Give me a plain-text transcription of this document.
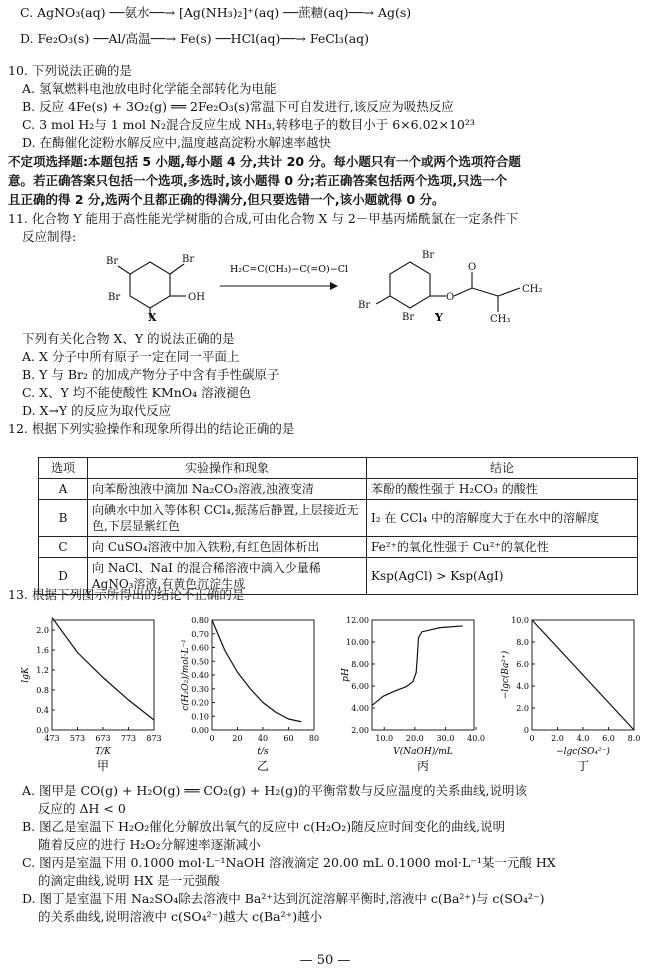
C. AgNO₃(aq) ──氨水──→ [Ag(NH₃)₂]⁺(aq) ──蔗糖(aq)──→ Ag(s)
D. Fe₂O₃(s) ──Al/高温──→ Fe(s) ──HCl(aq)──→ FeCl₃(aq)
10. 下列说法正确的是
A. 氢氧燃料电池放电时化学能全部转化为电能
B. 反应 4Fe(s) + 3O₂(g) ══ 2Fe₂O₃(s)常温下可自发进行,该反应为吸热反应
C. 3 mol H₂与 1 mol N₂混合反应生成 NH₃,转移电子的数目小于 6×6.02×10²³
D. 在酶催化淀粉水解反应中,温度越高淀粉水解速率越快
不定项选择题:本题包括 5 小题,每小题 4 分,共计 20 分。每小题只有一个或两个选项符合题
意。若正确答案只包括一个选项,多选时,该小题得 0 分;若正确答案包括两个选项,只选一个
且正确的得 2 分,选两个且都正确的得满分,但只要选错一个,该小题就得 0 分。
11. 化合物 Y 能用于高性能光学树脂的合成,可由化合物 X 与 2－甲基丙烯酰氯在一定条件下
反应制得:
Br
OH
Br
Br
H₂C=C(CH₃)−C(=O)−Cl
Br
O
O
CH₂
CH₃
Br
Br
X	Y
下列有关化合物 X、Y 的说法正确的是
A. X 分子中所有原子一定在同一平面上
B. Y 与 Br₂ 的加成产物分子中含有手性碳原子
C. X、Y 均不能使酸性 KMnO₄ 溶液褪色
D. X→Y 的反应为取代反应
12. 根据下列实验操作和现象所得出的结论正确的是
选项	实验操作和现象	结论
A	向苯酚浊液中滴加 Na₂CO₃溶液,浊液变清	苯酚的酸性强于 H₂CO₃ 的酸性
B	向碘水中加入等体积 CCl₄,振荡后静置,上层接近无色,下层显紫红色	I₂ 在 CCl₄ 中的溶解度大于在水中的溶解度
C	向 CuSO₄溶液中加入铁粉,有红色固体析出	Fe²⁺的氧化性强于 Cu²⁺的氧化性
D	向 NaCl、NaI 的混合稀溶液中滴入少量稀 AgNO₃溶液,有黄色沉淀生成	Ksp(AgCl) > Ksp(AgI)
13. 根据下列图示所得出的结论不正确的是
0.0
0.4
0.8
1.2
1.6
2.0
473 573 673 773 873
T/K
lgK
甲
0.00
0.10
0.20
0.30
0.40
0.50
0.60
0.70
0.80
0 20 40 60 80
t/s
c(H₂O₂)/mol·L⁻¹
乙
2.00
4.00
6.00
8.00
10.00
12.00
10.0 20.0 30.0 40.0
V(NaOH)/mL
pH
丙
0
2.0
4.0
6.0
8.0
10.0
0 2.0 4.0 6.0 8.0
−lgc(SO₄²⁻)
−lgc(Ba²⁺)
丁
A. 图甲是 CO(g) + H₂O(g) ══ CO₂(g) + H₂(g)的平衡常数与反应温度的关系曲线,说明该
反应的 ΔH < 0
B. 图乙是室温下 H₂O₂催化分解放出氧气的反应中 c(H₂O₂)随反应时间变化的曲线,说明
随着反应的进行 H₂O₂分解速率逐渐减小
C. 图丙是室温下用 0.1000 mol·L⁻¹NaOH 溶液滴定 20.00 mL 0.1000 mol·L⁻¹某一元酸 HX
的滴定曲线,说明 HX 是一元强酸
D. 图丁是室温下用 Na₂SO₄除去溶液中 Ba²⁺达到沉淀溶解平衡时,溶液中 c(Ba²⁺)与 c(SO₄²⁻)
的关系曲线,说明溶液中 c(SO₄²⁻)越大 c(Ba²⁺)越小
— 50 —
